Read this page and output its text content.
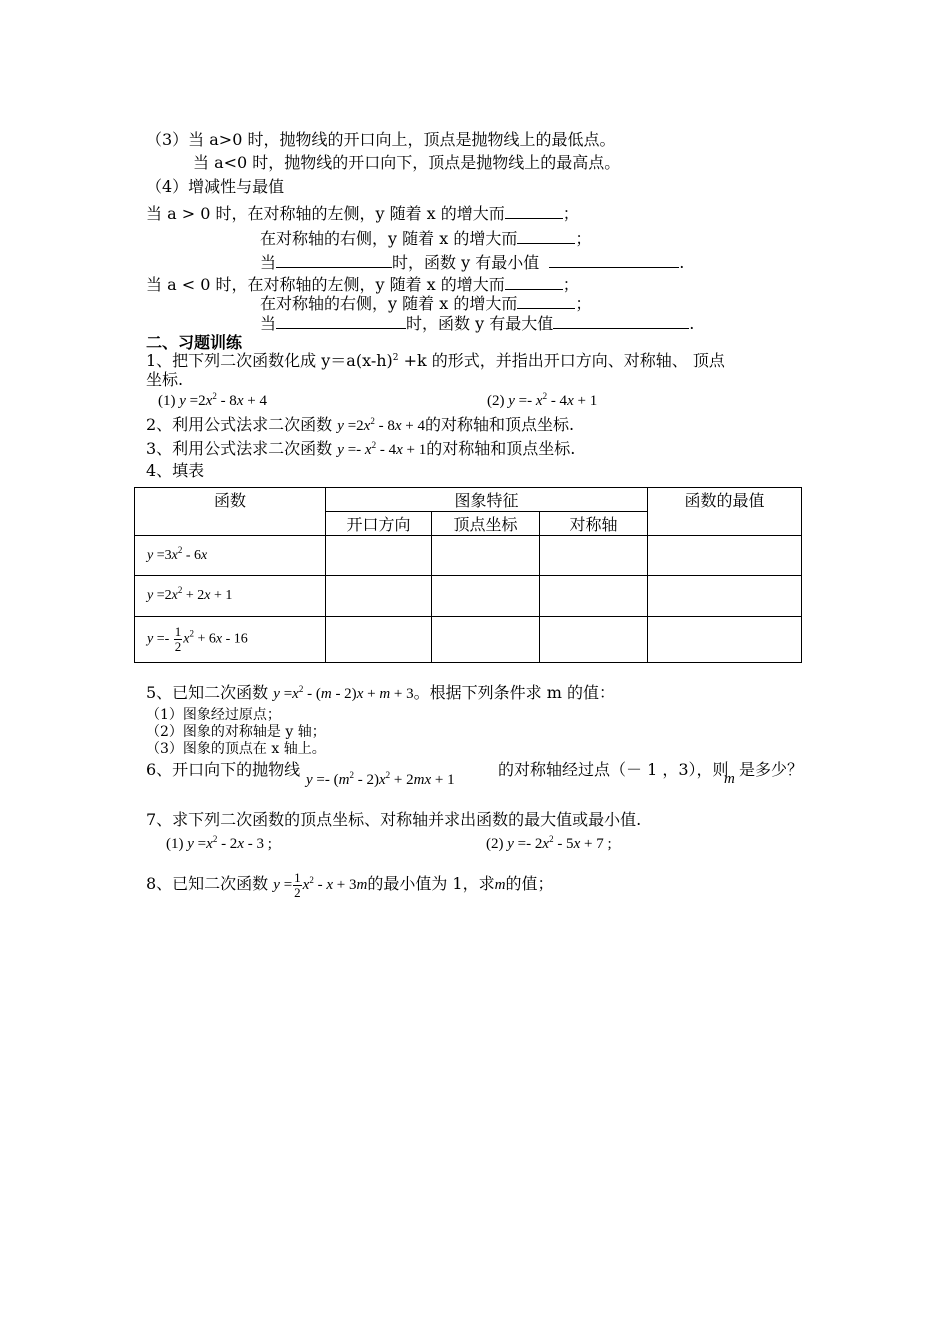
（3）当 a>0 时，抛物线的开口向上，顶点是抛物线上的最低点。
当 a<0 时，抛物线的开口向下，顶点是抛物线上的最高点。
（4）增减性与最值
当 a > 0 时，在对称轴的左侧，y 随着 x 的增大而	；
在对称轴的右侧，y 随着 x 的增大而	；
当	时，函数 y 有最小值	.
当 a < 0 时，在对称轴的左侧，y 随着 x 的增大而	；
在对称轴的右侧，y 随着 x 的增大而	；
当	时，函数 y 有最大值	.
二、习题训练
1、把下列二次函数化成 $y=a(x-h)^2 +k$ 的形式，并指出开口方向、对称轴、 顶点
坐标.
(1) $y =2x^2 - 8x + 4$	(2) $y =- x^2 - 4x + 1$
2、利用公式法求二次函数 $y =2x^2 - 8x + 4$的对称轴和顶点坐标.
3、利用公式法求二次函数 $y =- x^2 - 4x + 1$的对称轴和顶点坐标.
4、填表
函数	图象特征			函数的最值
	开口方向	顶点坐标	对称轴	
$y =3x^2 - 6x$				
$y =2x^2 + 2x + 1$				
$y =- \frac{1}{2} x^2 + 6x - 16$				
5、已知二次函数 $y =x^2 - (m - 2)x + m + 3$。根据下列条件求 m 的值：
（1）图象经过原点；
（2）图象的对称轴是 y 轴；
（3）图象的顶点在 x 轴上。
6、开口向下的抛物线
$y =- (m^2 - 2)x^2 + 2mx + 1$
的对称轴经过点（－ 1 ，3），则
m 是多少？
7、求下列二次函数的顶点坐标、对称轴并求出函数的最大值或最小值.
(1) $y =x^2 - 2x - 3$ ;	(2) $y =- 2x^2 - 5x + 7$ ;
8、已知二次函数 $y = \frac{1}{2} x^2 - x + 3m$的最小值为 1，求m的值；
